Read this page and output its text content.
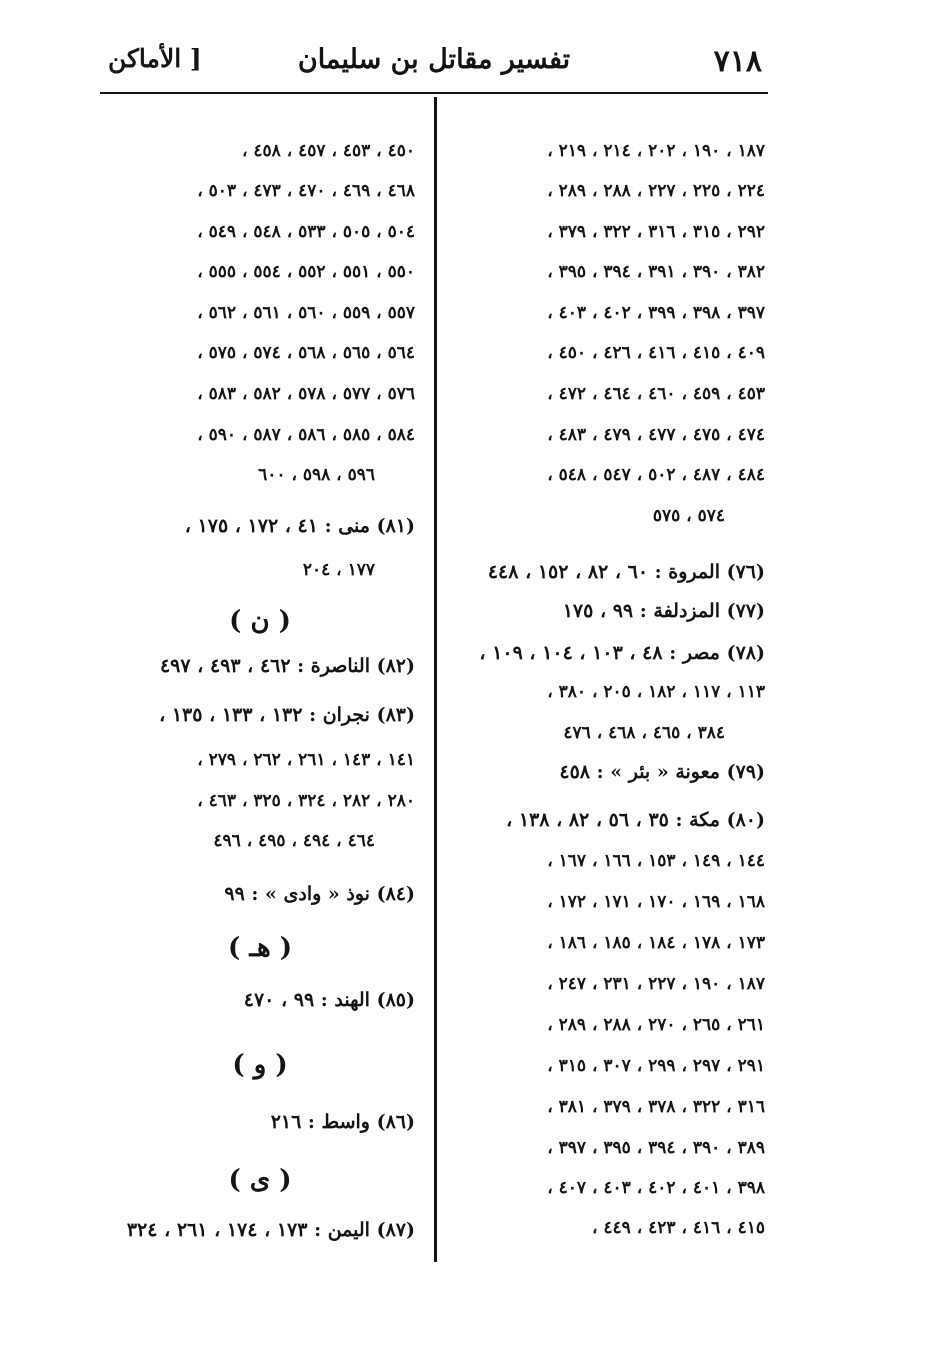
٧١٨
تفسير مقاتل بن سليمان
[ الأماكن
١٨٧ ، ١٩٠ ، ٢٠٢ ، ٢١٤ ، ٢١٩ ،
٢٢٤ ، ٢٢٥ ، ٢٢٧ ، ٢٨٨ ، ٢٨٩ ،
٢٩٢ ، ٣١٥ ، ٣١٦ ، ٣٢٢ ، ٣٧٩ ،
٣٨٢ ، ٣٩٠ ، ٣٩١ ، ٣٩٤ ، ٣٩٥ ،
٣٩٧ ، ٣٩٨ ، ٣٩٩ ، ٤٠٢ ، ٤٠٣ ،
٤٠٩ ، ٤١٥ ، ٤١٦ ، ٤٢٦ ، ٤٥٠ ،
٤٥٣ ، ٤٥٩ ، ٤٦٠ ، ٤٦٤ ، ٤٧٢ ،
٤٧٤ ، ٤٧٥ ، ٤٧٧ ، ٤٧٩ ، ٤٨٣ ،
٤٨٤ ، ٤٨٧ ، ٥٠٢ ، ٥٤٧ ، ٥٤٨ ،
٥٧٤ ، ٥٧٥
(٧٦) المروة : ٦٠ ، ٨٢ ، ١٥٢ ، ٤٤٨
(٧٧) المزدلفة : ٩٩ ، ١٧٥
(٧٨) مصر : ٤٨ ، ١٠٣ ، ١٠٤ ، ١٠٩ ،
١١٣ ، ١١٧ ، ١٨٢ ، ٢٠٥ ، ٣٨٠ ،
٣٨٤ ، ٤٦٥ ، ٤٦٨ ، ٤٧٦
(٧٩) معونة « بئر » : ٤٥٨
(٨٠) مكة : ٣٥ ، ٥٦ ، ٨٢ ، ١٣٨ ،
١٤٤ ، ١٤٩ ، ١٥٣ ، ١٦٦ ، ١٦٧ ،
١٦٨ ، ١٦٩ ، ١٧٠ ، ١٧١ ، ١٧٢ ،
١٧٣ ، ١٧٨ ، ١٨٤ ، ١٨٥ ، ١٨٦ ،
١٨٧ ، ١٩٠ ، ٢٢٧ ، ٢٣١ ، ٢٤٧ ،
٢٦١ ، ٢٦٥ ، ٢٧٠ ، ٢٨٨ ، ٢٨٩ ،
٢٩١ ، ٢٩٧ ، ٢٩٩ ، ٣٠٧ ، ٣١٥ ،
٣١٦ ، ٣٢٢ ، ٣٧٨ ، ٣٧٩ ، ٣٨١ ،
٣٨٩ ، ٣٩٠ ، ٣٩٤ ، ٣٩٥ ، ٣٩٧ ،
٣٩٨ ، ٤٠١ ، ٤٠٢ ، ٤٠٣ ، ٤٠٧ ،
٤١٥ ، ٤١٦ ، ٤٢٣ ، ٤٤٩ ،
٤٥٠ ، ٤٥٣ ، ٤٥٧ ، ٤٥٨ ،
٤٦٨ ، ٤٦٩ ، ٤٧٠ ، ٤٧٣ ، ٥٠٣ ،
٥٠٤ ، ٥٠٥ ، ٥٣٣ ، ٥٤٨ ، ٥٤٩ ،
٥٥٠ ، ٥٥١ ، ٥٥٢ ، ٥٥٤ ، ٥٥٥ ،
٥٥٧ ، ٥٥٩ ، ٥٦٠ ، ٥٦١ ، ٥٦٢ ،
٥٦٤ ، ٥٦٥ ، ٥٦٨ ، ٥٧٤ ، ٥٧٥ ،
٥٧٦ ، ٥٧٧ ، ٥٧٨ ، ٥٨٢ ، ٥٨٣ ،
٥٨٤ ، ٥٨٥ ، ٥٨٦ ، ٥٨٧ ، ٥٩٠ ،
٥٩٦ ، ٥٩٨ ، ٦٠٠
(٨١) منى : ٤١ ، ١٧٢ ، ١٧٥ ،
١٧٧ ، ٢٠٤
( ن )
(٨٢) الناصرة : ٤٦٢ ، ٤٩٣ ، ٤٩٧
(٨٣) نجران : ١٣٢ ، ١٣٣ ، ١٣٥ ،
١٤١ ، ١٤٣ ، ٢٦١ ، ٢٦٢ ، ٢٧٩ ،
٢٨٠ ، ٢٨٢ ، ٣٢٤ ، ٣٢٥ ، ٤٦٣ ،
٤٦٤ ، ٤٩٤ ، ٤٩٥ ، ٤٩٦
(٨٤) نوذ « وادى » : ٩٩
( هـ )
(٨٥) الهند : ٩٩ ، ٤٧٠
( و )
(٨٦) واسط : ٢١٦
( ى )
(٨٧) اليمن : ١٧٣ ، ١٧٤ ، ٢٦١ ، ٣٢٤
